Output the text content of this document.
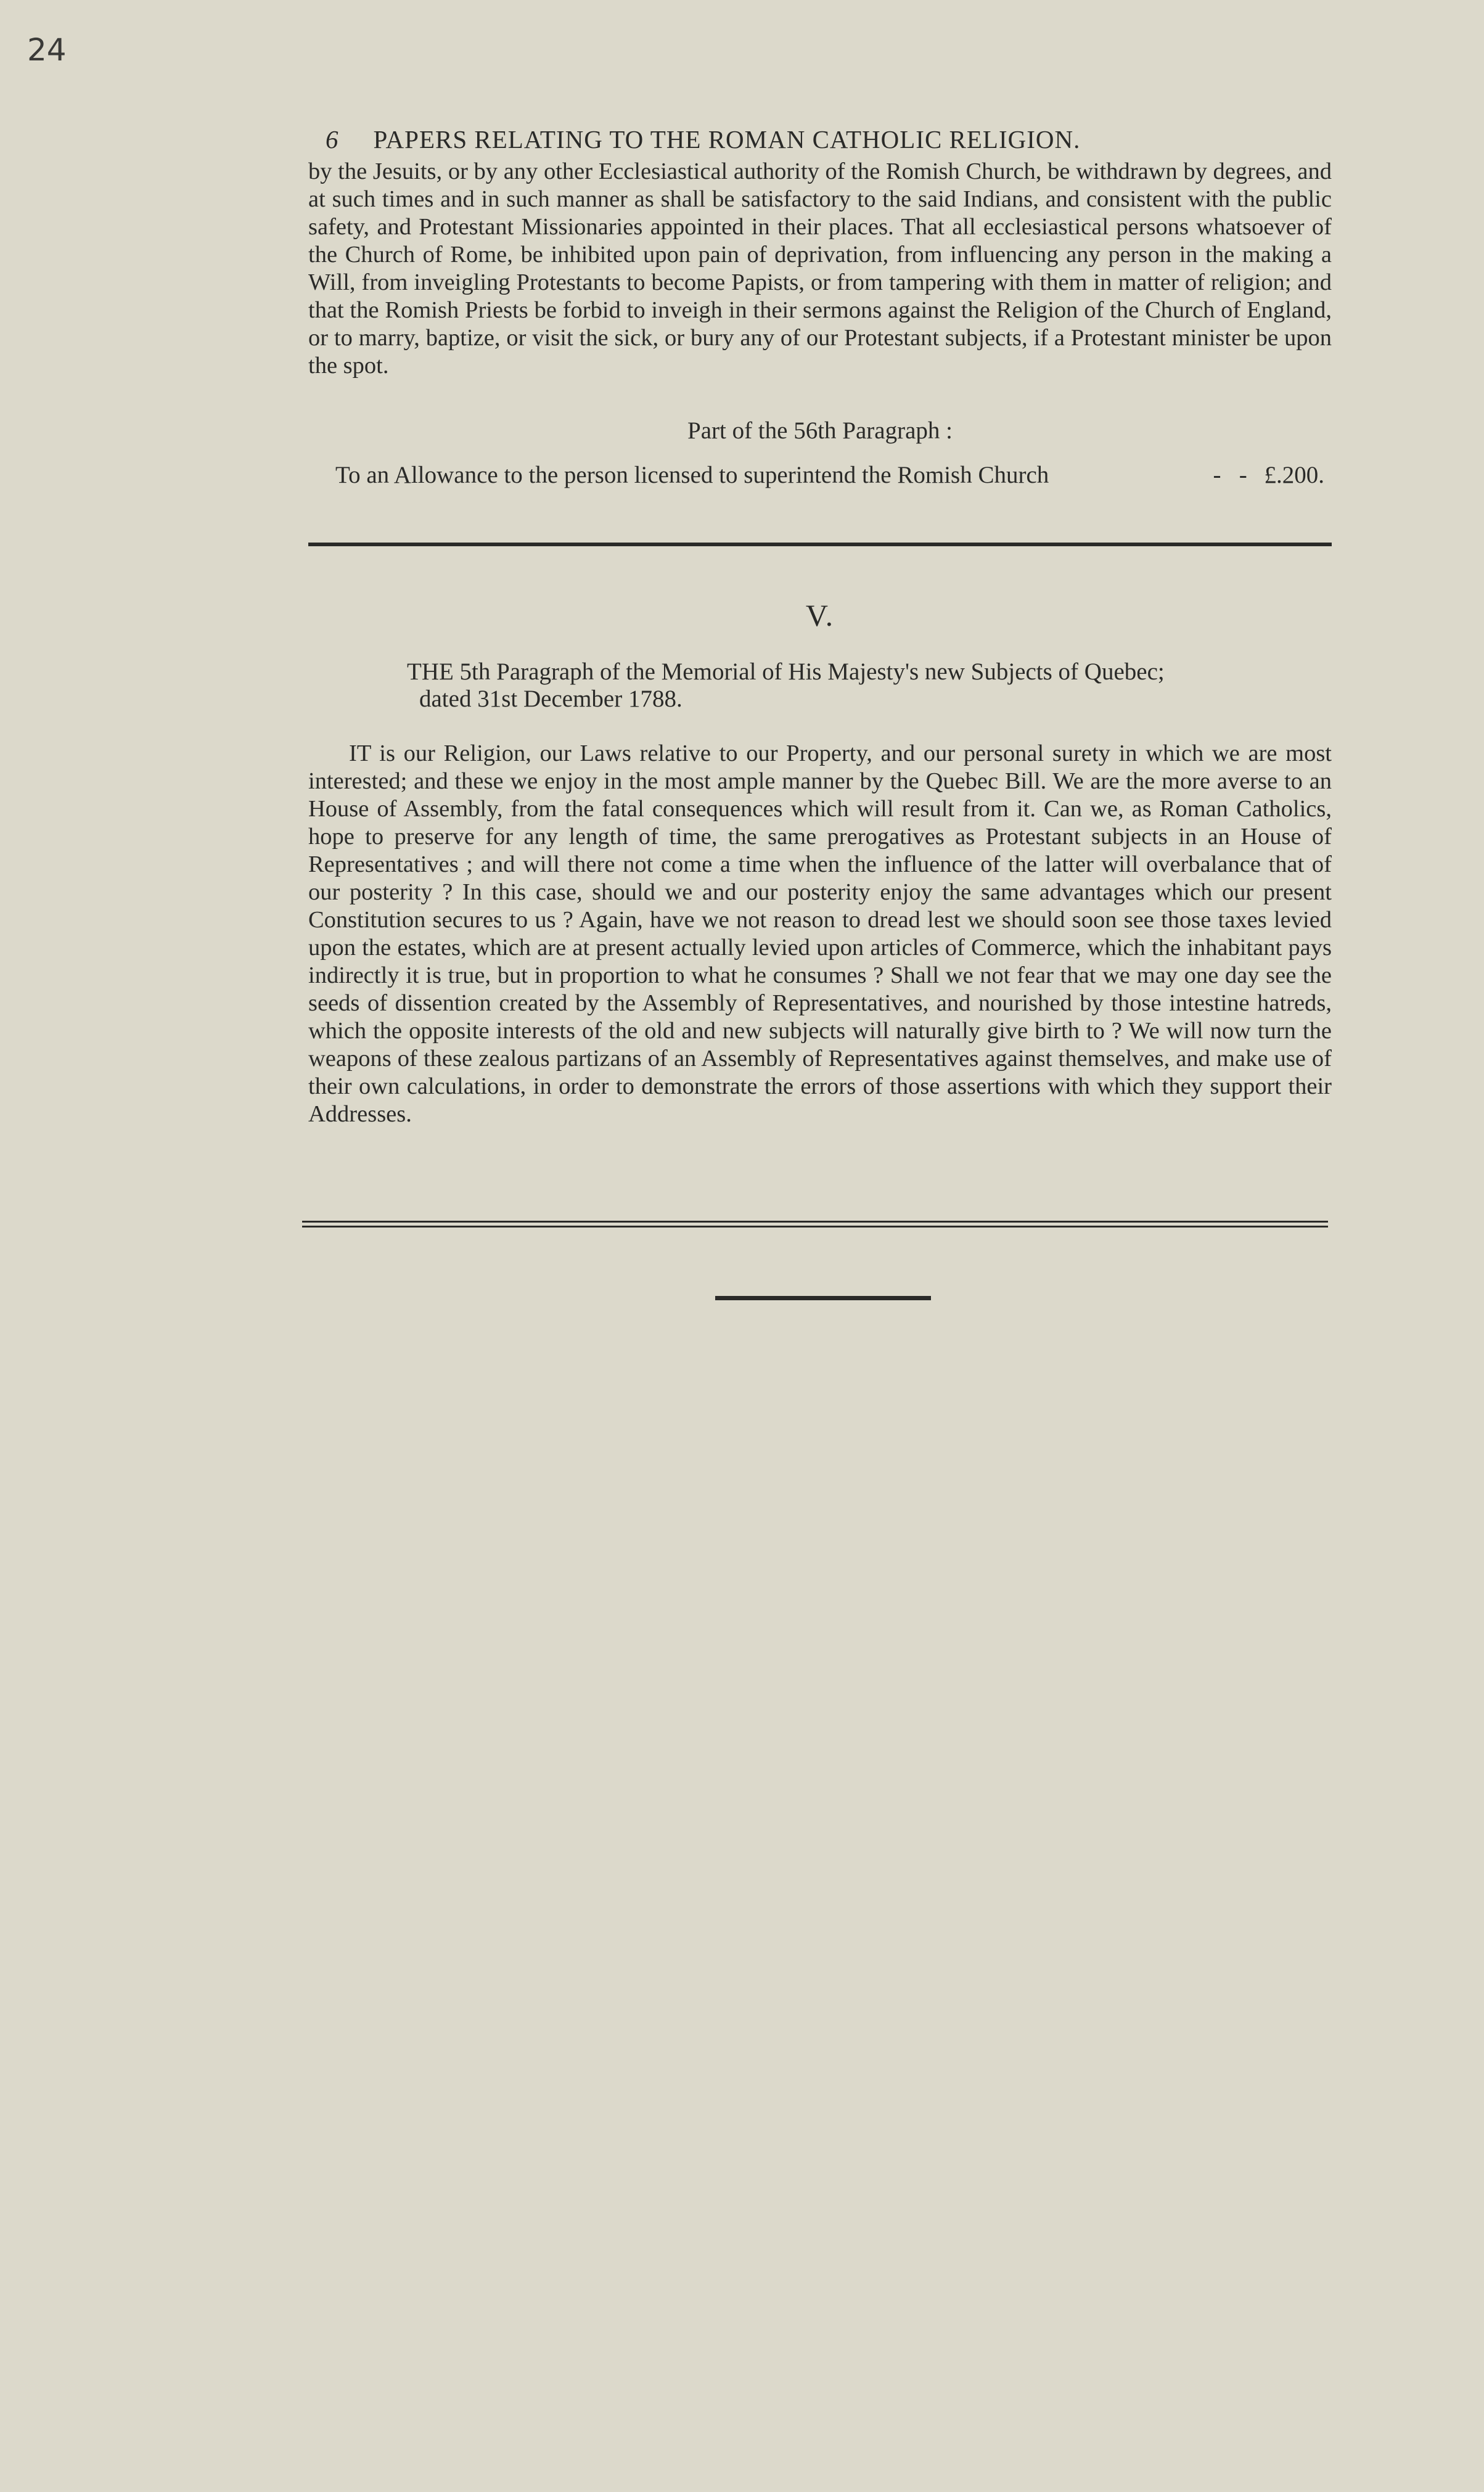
24
6 PAPERS RELATING TO THE ROMAN CATHOLIC RELIGION.

by the Jesuits, or by any other Ecclesiastical authority of the Romish Church, be withdrawn by degrees, and at such times and in such manner as shall be satisfactory to the said Indians, and consistent with the public safety, and Protestant Missionaries appointed in their places. That all ecclesiastical persons whatsoever of the Church of Rome, be inhibited upon pain of deprivation, from influencing any person in the making a Will, from inveigling Protestants to become Papists, or from tampering with them in matter of religion; and that the Romish Priests be forbid to inveigh in their sermons against the Religion of the Church of England, or to marry, baptize, or visit the sick, or bury any of our Protestant subjects, if a Protestant minister be upon the spot.

Part of the 56th Paragraph :
To an Allowance to the person licensed to superintend the Romish Church	-   - £.200.
V.
THE 5th Paragraph of the Memorial of His Majesty's new Subjects of Quebec;
dated 31st December 1788.

IT is our Religion, our Laws relative to our Property, and our personal surety in which we are most interested; and these we enjoy in the most ample manner by the Quebec Bill. We are the more averse to an House of Assembly, from the fatal consequences which will result from it. Can we, as Roman Catholics, hope to preserve for any length of time, the same prerogatives as Protestant subjects in an House of Representatives ; and will there not come a time when the influence of the latter will overbalance that of our posterity ? In this case, should we and our posterity enjoy the same advantages which our present Constitution secures to us ? Again, have we not reason to dread lest we should soon see those taxes levied upon the estates, which are at present actually levied upon articles of Commerce, which the inhabitant pays indirectly it is true, but in proportion to what he consumes ? Shall we not fear that we may one day see the seeds of dissention created by the Assembly of Representatives, and nourished by those intestine hatreds, which the opposite interests of the old and new subjects will naturally give birth to ? We will now turn the weapons of these zealous partizans of an Assembly of Representatives against themselves, and make use of their own calculations, in order to demonstrate the errors of those assertions with which they support their Addresses.
